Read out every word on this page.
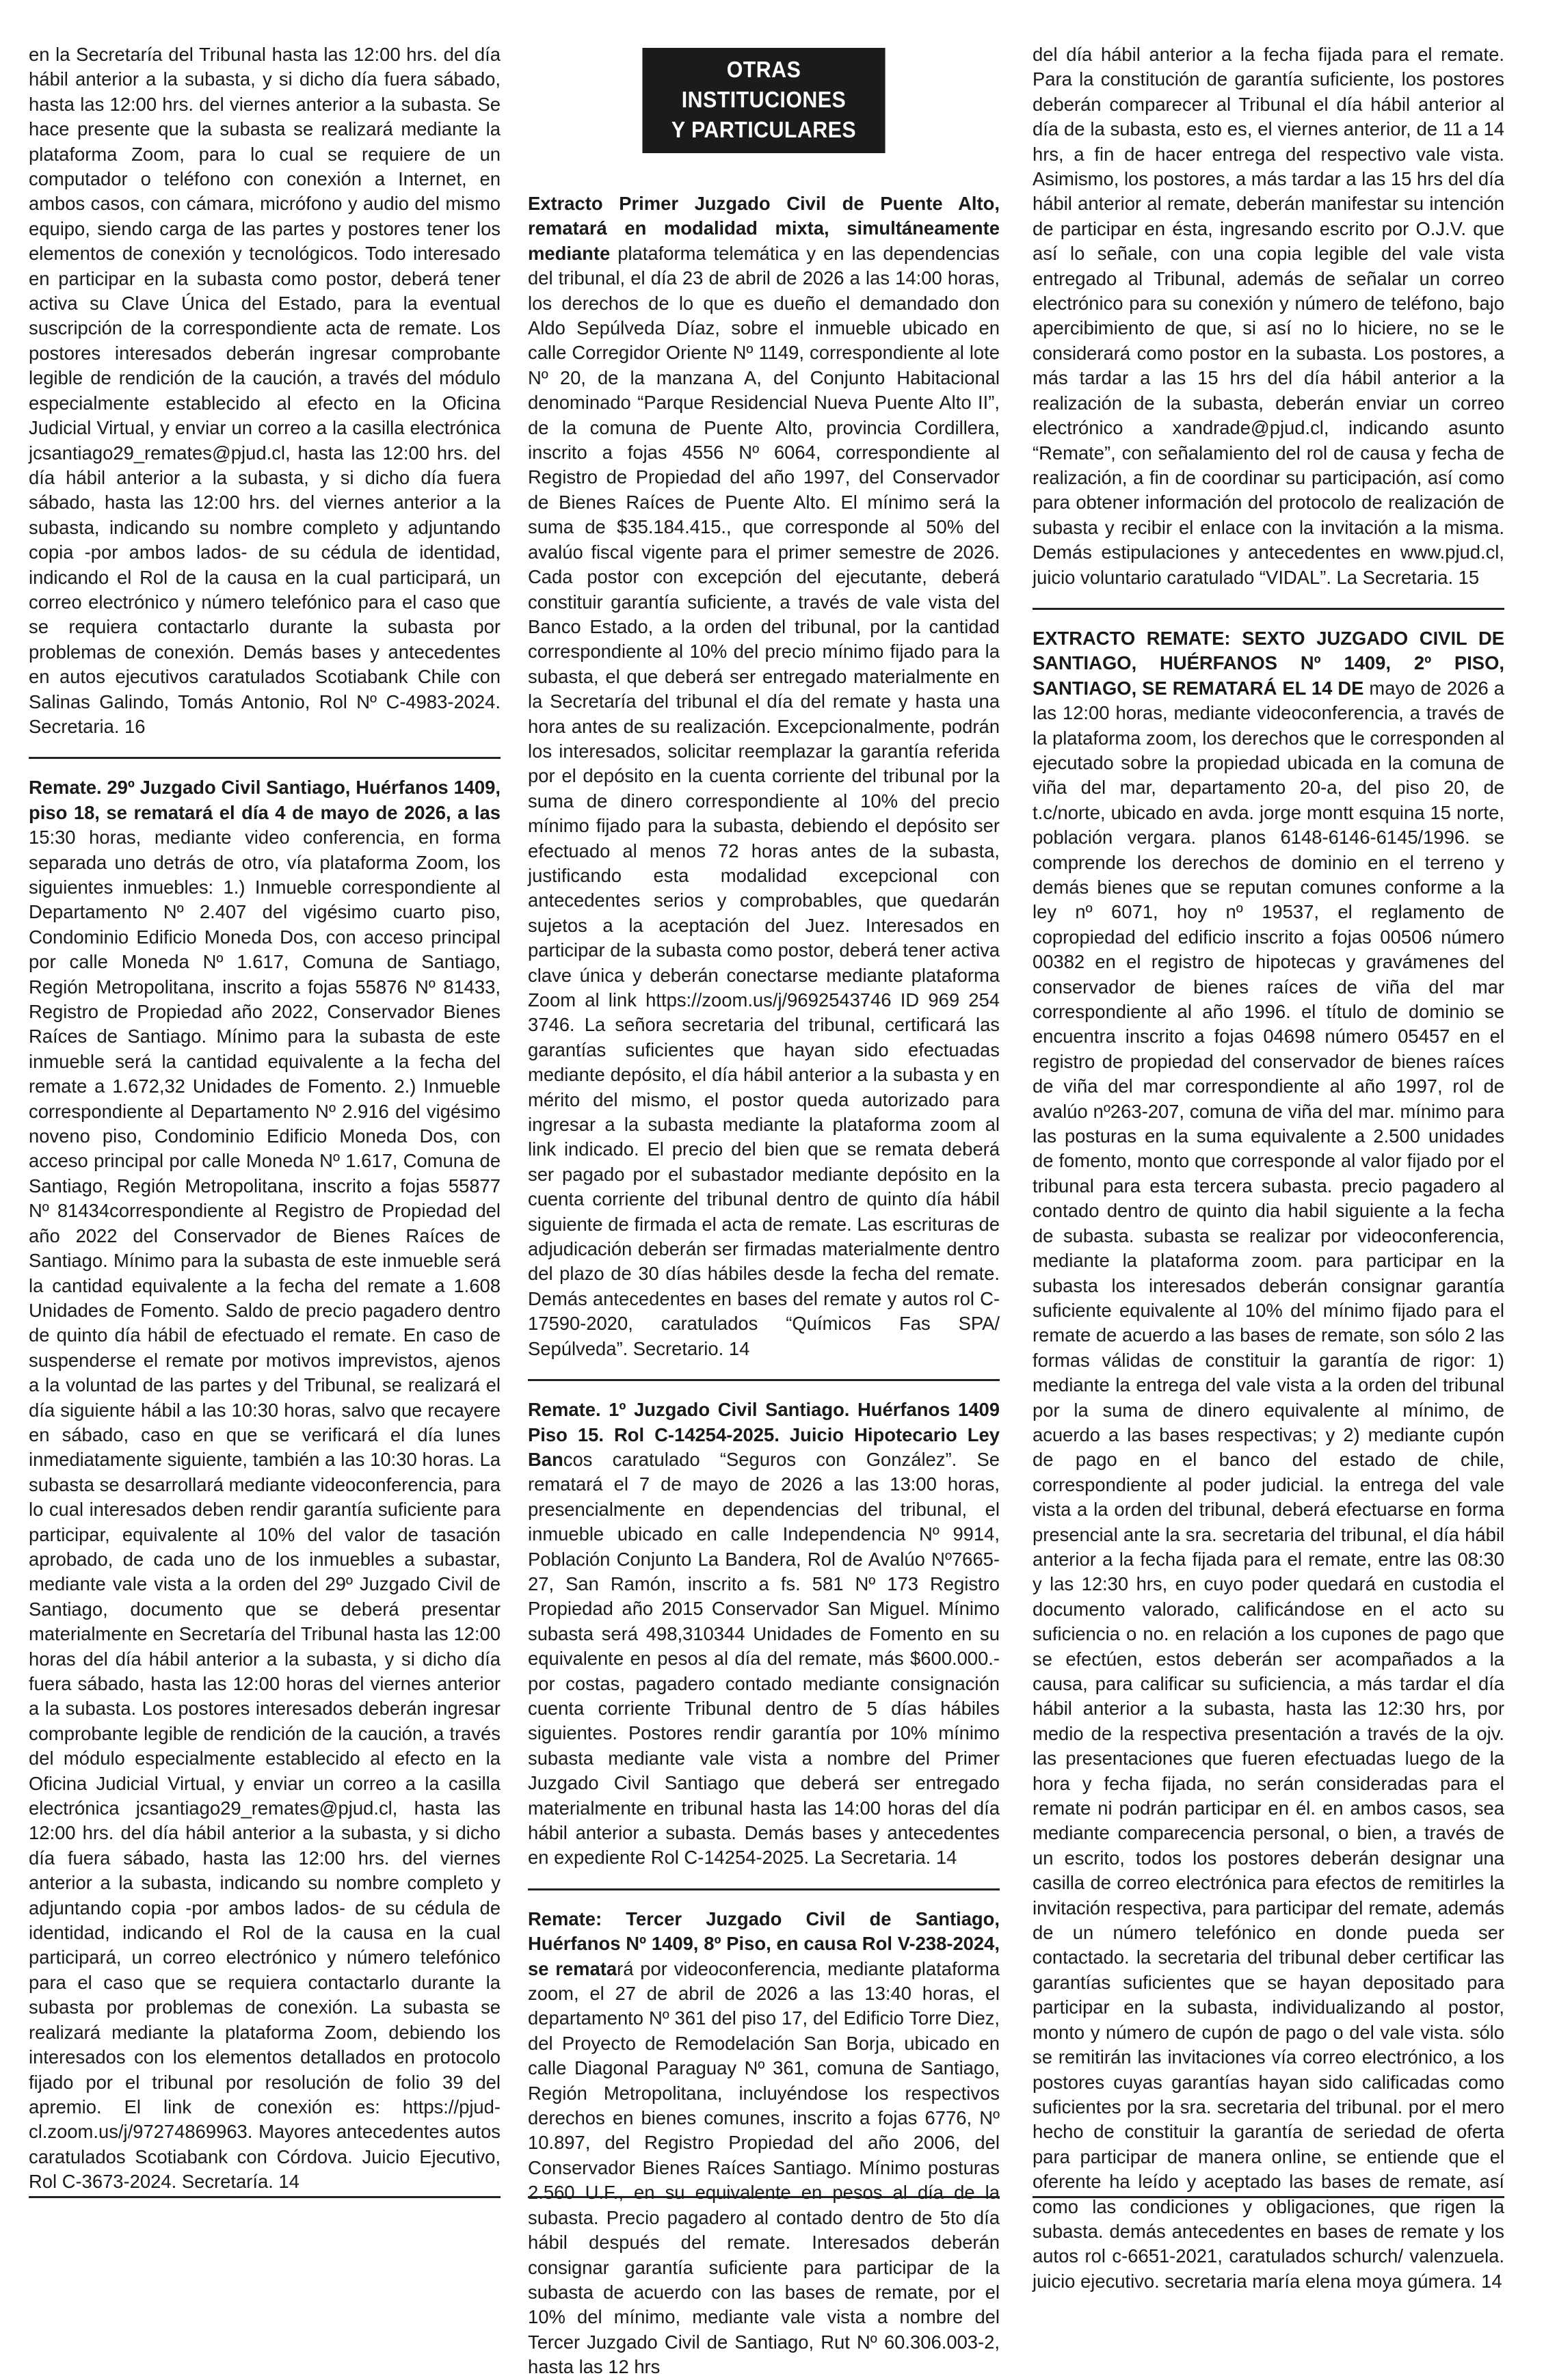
en la Secretaría del Tribunal hasta las 12:00 hrs. del día hábil anterior a la subasta, y si dicho día fuera sábado, hasta las 12:00 hrs. del viernes anterior a la subasta. Se hace presente que la subasta se realizará mediante la plataforma Zoom, para lo cual se requiere de un computador o teléfono con conexión a Internet, en ambos casos, con cámara, micrófono y audio del mismo equipo, siendo carga de las partes y postores tener los elementos de conexión y tecnológicos. Todo interesado en participar en la subasta como postor, deberá tener activa su Clave Única del Estado, para la eventual suscripción de la correspondiente acta de remate. Los postores interesados deberán ingresar comprobante legible de rendición de la caución, a través del módulo especialmente establecido al efecto en la Oficina Judicial Virtual, y enviar un correo a la casilla electrónica jcsantiago29_remates@pjud.cl, hasta las 12:00 hrs. del día hábil anterior a la subasta, y si dicho día fuera sábado, hasta las 12:00 hrs. del viernes anterior a la subasta, indicando su nombre completo y adjuntando copia -por ambos lados- de su cédula de identidad, indicando el Rol de la causa en la cual participará, un correo electrónico y número telefónico para el caso que se requiera contactarlo durante la subasta por problemas de conexión. Demás bases y antecedentes en autos ejecutivos caratulados Scotiabank Chile con Salinas Galindo, Tomás Antonio, Rol Nº C-4983-2024. Secretaria. 16

Remate. 29º Juzgado Civil Santiago, Huérfanos 1409, piso 18, se rematará el día 4 de mayo de 2026, a las 15:30 horas, mediante video conferencia, en forma separada uno detrás de otro, vía plataforma Zoom, los siguientes inmuebles: 1.) Inmueble correspondiente al Departamento Nº 2.407 del vigésimo cuarto piso, Condominio Edificio Moneda Dos, con acceso principal por calle Moneda Nº 1.617, Comuna de Santiago, Región Metropolitana, inscrito a fojas 55876 Nº 81433, Registro de Propiedad año 2022, Conservador Bienes Raíces de Santiago. Mínimo para la subasta de este inmueble será la cantidad equivalente a la fecha del remate a 1.672,32 Unidades de Fomento. 2.) Inmueble correspondiente al Departamento Nº 2.916 del vigésimo noveno piso, Condominio Edificio Moneda Dos, con acceso principal por calle Moneda Nº 1.617, Comuna de Santiago, Región Metropolitana, inscrito a fojas 55877 Nº 81434correspondiente al Registro de Propiedad del año 2022 del Conservador de Bienes Raíces de Santiago. Mínimo para la subasta de este inmueble será la cantidad equivalente a la fecha del remate a 1.608 Unidades de Fomento. Saldo de precio pagadero dentro de quinto día hábil de efectuado el remate. En caso de suspenderse el remate por motivos imprevistos, ajenos a la voluntad de las partes y del Tribunal, se realizará el día siguiente hábil a las 10:30 horas, salvo que recayere en sábado, caso en que se verificará el día lunes inmediatamente siguiente, también a las 10:30 horas. La subasta se desarrollará mediante videoconferencia, para lo cual interesados deben rendir garantía suficiente para participar, equivalente al 10% del valor de tasación aprobado, de cada uno de los inmuebles a subastar, mediante vale vista a la orden del 29º Juzgado Civil de Santiago, documento que se deberá presentar materialmente en Secretaría del Tribunal hasta las 12:00 horas del día hábil anterior a la subasta, y si dicho día fuera sábado, hasta las 12:00 horas del viernes anterior a la subasta. Los postores interesados deberán ingresar comprobante legible de rendición de la caución, a través del módulo especialmente establecido al efecto en la Oficina Judicial Virtual, y enviar un correo a la casilla electrónica jcsantiago29_remates@pjud.cl, hasta las 12:00 hrs. del día hábil anterior a la subasta, y si dicho día fuera sábado, hasta las 12:00 hrs. del viernes anterior a la subasta, indicando su nombre completo y adjuntando copia -por ambos lados- de su cédula de identidad, indicando el Rol de la causa en la cual participará, un correo electrónico y número telefónico para el caso que se requiera contactarlo durante la subasta por problemas de conexión. La subasta se realizará mediante la plataforma Zoom, debiendo los interesados con los elementos detallados en protocolo fijado por el tribunal por resolución de folio 39 del apremio. El link de conexión es: https://pjud-cl.zoom.us/j/97274869963. Mayores antecedentes autos caratulados Scotiabank con Córdova. Juicio Ejecutivo, Rol C-3673-2024. Secretaría. 14

OTRAS INSTITUCIONES
Y PARTICULARES

Extracto Primer Juzgado Civil de Puente Alto, rematará en modalidad mixta, simultáneamente mediante plataforma telemática y en las dependencias del tribunal, el día 23 de abril de 2026 a las 14:00 horas, los derechos de lo que es dueño el demandado don Aldo Sepúlveda Díaz, sobre el inmueble ubicado en calle Corregidor Oriente Nº 1149, correspondiente al lote Nº 20, de la manzana A, del Conjunto Habitacional denominado “Parque Residencial Nueva Puente Alto II”, de la comuna de Puente Alto, provincia Cordillera, inscrito a fojas 4556 Nº 6064, correspondiente al Registro de Propiedad del año 1997, del Conservador de Bienes Raíces de Puente Alto. El mínimo será la suma de $35.184.415., que corresponde al 50% del avalúo fiscal vigente para el primer semestre de 2026. Cada postor con excepción del ejecutante, deberá constituir garantía suficiente, a través de vale vista del Banco Estado, a la orden del tribunal, por la cantidad correspondiente al 10% del precio mínimo fijado para la subasta, el que deberá ser entregado materialmente en la Secretaría del tribunal el día del remate y hasta una hora antes de su realización. Excepcionalmente, podrán los interesados, solicitar reemplazar la garantía referida por el depósito en la cuenta corriente del tribunal por la suma de dinero correspondiente al 10% del precio mínimo fijado para la subasta, debiendo el depósito ser efectuado al menos 72 horas antes de la subasta, justificando esta modalidad excepcional con antecedentes serios y comprobables, que quedarán sujetos a la aceptación del Juez. Interesados en participar de la subasta como postor, deberá tener activa clave única y deberán conectarse mediante plataforma Zoom al link https://zoom.us/j/9692543746 ID 969 254 3746. La señora secretaria del tribunal, certificará las garantías suficientes que hayan sido efectuadas mediante depósito, el día hábil anterior a la subasta y en mérito del mismo, el postor queda autorizado para ingresar a la subasta mediante la plataforma zoom al link indicado. El precio del bien que se remata deberá ser pagado por el subastador mediante depósito en la cuenta corriente del tribunal dentro de quinto día hábil siguiente de firmada el acta de remate. Las escrituras de adjudicación deberán ser firmadas materialmente dentro del plazo de 30 días hábiles desde la fecha del remate. Demás antecedentes en bases del remate y autos rol C-17590-2020, caratulados “Químicos Fas SPA/ Sepúlveda”. Secretario. 14

Remate. 1º Juzgado Civil Santiago. Huérfanos 1409 Piso 15. Rol C-14254-2025. Juicio Hipotecario Ley Bancos caratulado “Seguros con González”. Se rematará el 7 de mayo de 2026 a las 13:00 horas, presencialmente en dependencias del tribunal, el inmueble ubicado en calle Independencia Nº 9914, Población Conjunto La Bandera, Rol de Avalúo Nº7665-27, San Ramón, inscrito a fs. 581 Nº 173 Registro Propiedad año 2015 Conservador San Miguel. Mínimo subasta será 498,310344 Unidades de Fomento en su equivalente en pesos al día del remate, más $600.000.- por costas, pagadero contado mediante consignación cuenta corriente Tribunal dentro de 5 días hábiles siguientes. Postores rendir garantía por 10% mínimo subasta mediante vale vista a nombre del Primer Juzgado Civil Santiago que deberá ser entregado materialmente en tribunal hasta las 14:00 horas del día hábil anterior a subasta. Demás bases y antecedentes en expediente Rol C-14254-2025. La Secretaria. 14

Remate: Tercer Juzgado Civil de Santiago, Huérfanos Nº 1409, 8º Piso, en causa Rol V-238-2024, se rematará por videoconferencia, mediante plataforma zoom, el 27 de abril de 2026 a las 13:40 horas, el departamento Nº 361 del piso 17, del Edificio Torre Diez, del Proyecto de Remodelación San Borja, ubicado en calle Diagonal Paraguay Nº 361, comuna de Santiago, Región Metropolitana, incluyéndose los respectivos derechos en bienes comunes, inscrito a fojas 6776, Nº 10.897, del Registro Propiedad del año 2006, del Conservador Bienes Raíces Santiago. Mínimo posturas 2.560 U.F., en su equivalente en pesos al día de la subasta. Precio pagadero al contado dentro de 5to día hábil después del remate. Interesados deberán consignar garantía suficiente para participar de la subasta de acuerdo con las bases de remate, por el 10% del mínimo, mediante vale vista a nombre del Tercer Juzgado Civil de Santiago, Rut Nº 60.306.003-2, hasta las 12 hrs

del día hábil anterior a la fecha fijada para el remate. Para la constitución de garantía suficiente, los postores deberán comparecer al Tribunal el día hábil anterior al día de la subasta, esto es, el viernes anterior, de 11 a 14 hrs, a fin de hacer entrega del respectivo vale vista. Asimismo, los postores, a más tardar a las 15 hrs del día hábil anterior al remate, deberán manifestar su intención de participar en ésta, ingresando escrito por O.J.V. que así lo señale, con una copia legible del vale vista entregado al Tribunal, además de señalar un correo electrónico para su conexión y número de teléfono, bajo apercibimiento de que, si así no lo hiciere, no se le considerará como postor en la subasta. Los postores, a más tardar a las 15 hrs del día hábil anterior a la realización de la subasta, deberán enviar un correo electrónico a xandrade@pjud.cl, indicando asunto “Remate”, con señalamiento del rol de causa y fecha de realización, a fin de coordinar su participación, así como para obtener información del protocolo de realización de subasta y recibir el enlace con la invitación a la misma. Demás estipulaciones y antecedentes en www.pjud.cl, juicio voluntario caratulado “VIDAL”. La Secretaria. 15

EXTRACTO REMATE: SEXTO JUZGADO CIVIL DE SANTIAGO, HUÉRFANOS Nº 1409, 2º PISO, SANTIAGO, SE REMATARÁ EL 14 DE mayo de 2026 a las 12:00 horas, mediante videoconferencia, a través de la plataforma zoom, los derechos que le corresponden al ejecutado sobre la propiedad ubicada en la comuna de viña del mar, departamento 20-a, del piso 20, de t.c/norte, ubicado en avda. jorge montt esquina 15 norte, población vergara. planos 6148-6146-6145/1996. se comprende los derechos de dominio en el terreno y demás bienes que se reputan comunes conforme a la ley nº 6071, hoy nº 19537, el reglamento de copropiedad del edificio inscrito a fojas 00506 número 00382 en el registro de hipotecas y gravámenes del conservador de bienes raíces de viña del mar correspondiente al año 1996. el título de dominio se encuentra inscrito a fojas 04698 número 05457 en el registro de propiedad del conservador de bienes raíces de viña del mar correspondiente al año 1997, rol de avalúo nº263-207, comuna de viña del mar. mínimo para las posturas en la suma equivalente a 2.500 unidades de fomento, monto que corresponde al valor fijado por el tribunal para esta tercera subasta. precio pagadero al contado dentro de quinto dia habil siguiente a la fecha de subasta. subasta se realizar por videoconferencia, mediante la plataforma zoom. para participar en la subasta los interesados deberán consignar garantía suficiente equivalente al 10% del mínimo fijado para el remate de acuerdo a las bases de remate, son sólo 2 las formas válidas de constituir la garantía de rigor: 1) mediante la entrega del vale vista a la orden del tribunal por la suma de dinero equivalente al mínimo, de acuerdo a las bases respectivas; y 2) mediante cupón de pago en el banco del estado de chile, correspondiente al poder judicial. la entrega del vale vista a la orden del tribunal, deberá efectuarse en forma presencial ante la sra. secretaria del tribunal, el día hábil anterior a la fecha fijada para el remate, entre las 08:30 y las 12:30 hrs, en cuyo poder quedará en custodia el documento valorado, calificándose en el acto su suficiencia o no. en relación a los cupones de pago que se efectúen, estos deberán ser acompañados a la causa, para calificar su suficiencia, a más tardar el día hábil anterior a la subasta, hasta las 12:30 hrs, por medio de la respectiva presentación a través de la ojv. las presentaciones que fueren efectuadas luego de la hora y fecha fijada, no serán consideradas para el remate ni podrán participar en él. en ambos casos, sea mediante comparecencia personal, o bien, a través de un escrito, todos los postores deberán designar una casilla de correo electrónica para efectos de remitirles la invitación respectiva, para participar del remate, además de un número telefónico en donde pueda ser contactado. la secretaria del tribunal deber certificar las garantías suficientes que se hayan depositado para participar en la subasta, individualizando al postor, monto y número de cupón de pago o del vale vista. sólo se remitirán las invitaciones vía correo electrónico, a los postores cuyas garantías hayan sido calificadas como suficientes por la sra. secretaria del tribunal. por el mero hecho de constituir la garantía de seriedad de oferta para participar de manera online, se entiende que el oferente ha leído y aceptado las bases de remate, así como las condiciones y obligaciones, que rigen la subasta. demás antecedentes en bases de remate y los autos rol c-6651-2021, caratulados schurch/ valenzuela. juicio ejecutivo. secretaria maría elena moya gúmera. 14
